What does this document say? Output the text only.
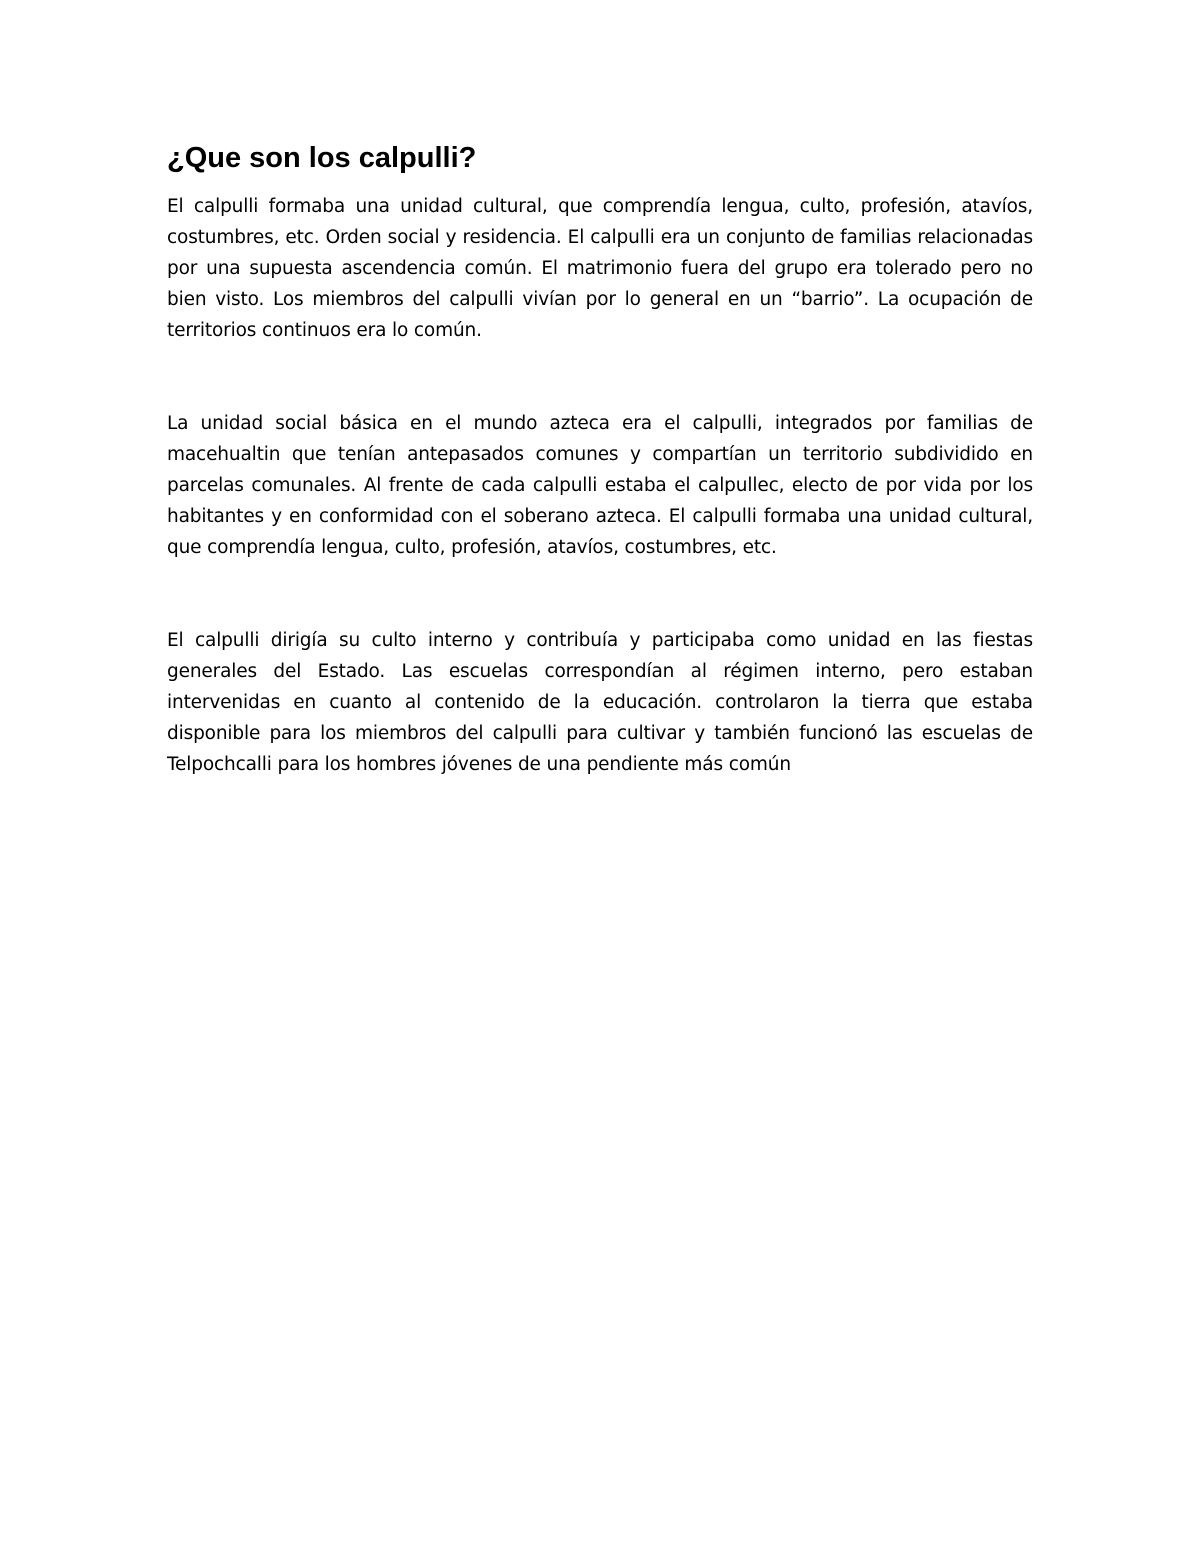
¿Que son los calpulli?

El calpulli formaba una unidad cultural, que comprendía lengua, culto, profesión, atavíos, costumbres, etc. Orden social y residencia. El calpulli era un conjunto de familias relacionadas por una supuesta ascendencia común. El matrimonio fuera del grupo era tolerado pero no bien visto. Los miembros del calpulli vivían por lo general en un “barrio”. La ocupación de territorios continuos era lo común.

La unidad social básica en el mundo azteca era el calpulli, integrados por familias de macehualtin que tenían antepasados comunes y compartían un territorio subdividido en parcelas comunales. Al frente de cada calpulli estaba el calpullec, electo de por vida por los habitantes y en conformidad con el soberano azteca. El calpulli formaba una unidad cultural, que comprendía lengua, culto, profesión, atavíos, costumbres, etc.

El calpulli dirigía su culto interno y contribuía y participaba como unidad en las fiestas generales del Estado. Las escuelas correspondían al régimen interno, pero estaban intervenidas en cuanto al contenido de la educación. controlaron la tierra que estaba disponible para los miembros del calpulli para cultivar y también funcionó las escuelas de Telpochcalli para los hombres jóvenes de una pendiente más común
